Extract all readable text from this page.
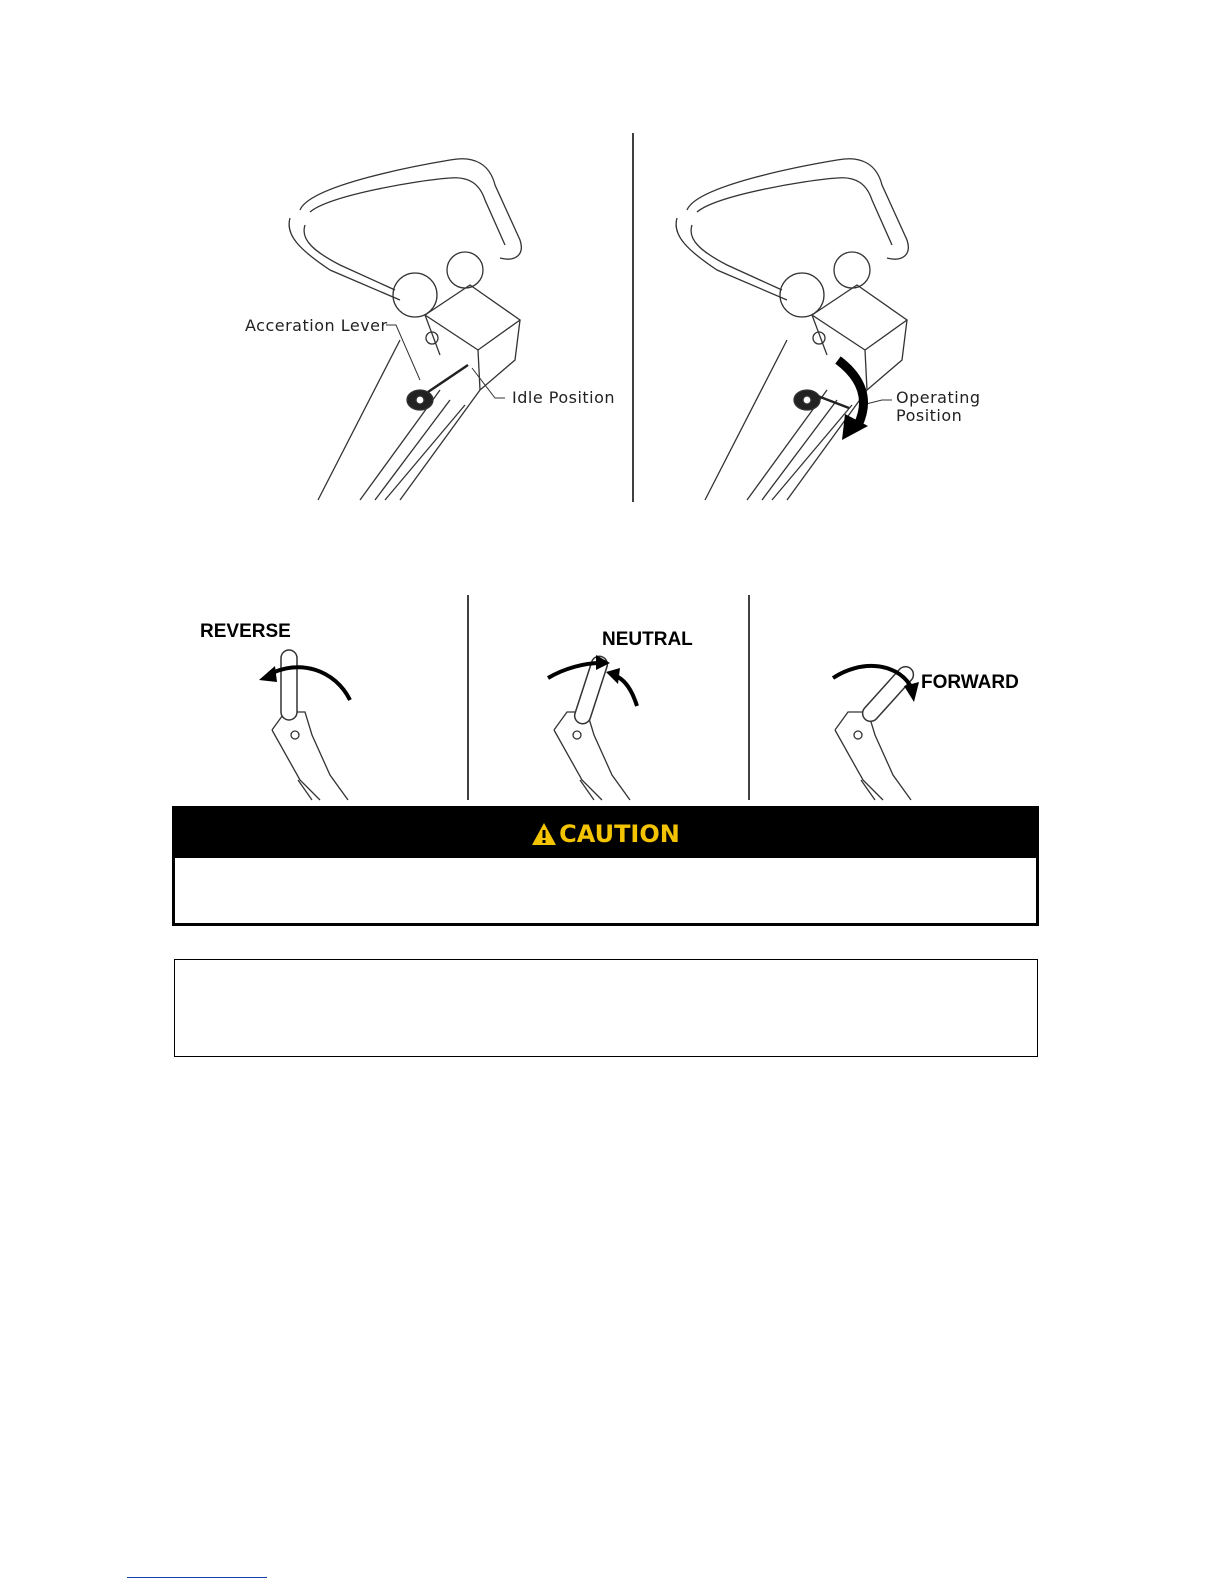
Acceration Lever
Idle Position	Operating
Position
REVERSE	NEUTRAL
FORWARD
CAUTION
